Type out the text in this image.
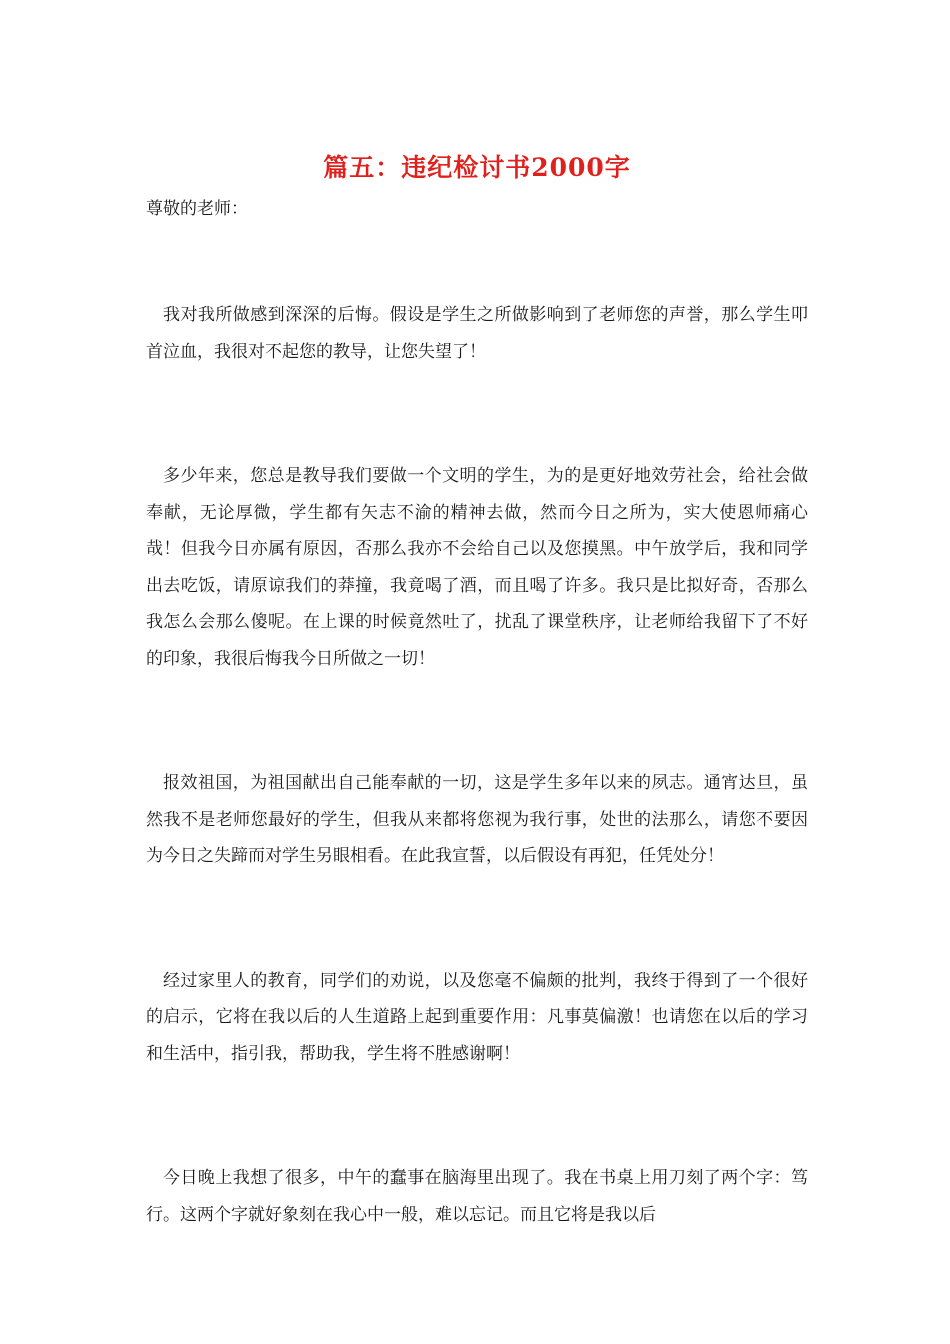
篇五：违纪检讨书2000字

尊敬的老师：

我对我所做感到深深的后悔。假设是学生之所做影响到了老师您的声誉，那么学生叩首泣血，我很对不起您的教导，让您失望了！

多少年来，您总是教导我们要做一个文明的学生，为的是更好地效劳社会，给社会做奉献，无论厚微，学生都有矢志不渝的精神去做，然而今日之所为，实大使恩师痛心哉！但我今日亦属有原因，否那么我亦不会给自己以及您摸黑。中午放学后，我和同学出去吃饭，请原谅我们的莽撞，我竟喝了酒，而且喝了许多。我只是比拟好奇，否那么我怎么会那么傻呢。在上课的时候竟然吐了，扰乱了课堂秩序，让老师给我留下了不好的印象，我很后悔我今日所做之一切！

报效祖国，为祖国献出自己能奉献的一切，这是学生多年以来的夙志。通宵达旦，虽然我不是老师您最好的学生，但我从来都将您视为我行事，处世的法那么，请您不要因为今日之失蹄而对学生另眼相看。在此我宣誓，以后假设有再犯，任凭处分！

经过家里人的教育，同学们的劝说，以及您毫不偏颇的批判，我终于得到了一个很好的启示，它将在我以后的人生道路上起到重要作用：凡事莫偏激！也请您在以后的学习和生活中，指引我，帮助我，学生将不胜感谢啊！

今日晚上我想了很多，中午的蠢事在脑海里出现了。我在书桌上用刀刻了两个字：笃行。这两个字就好象刻在我心中一般，难以忘记。而且它将是我以后
